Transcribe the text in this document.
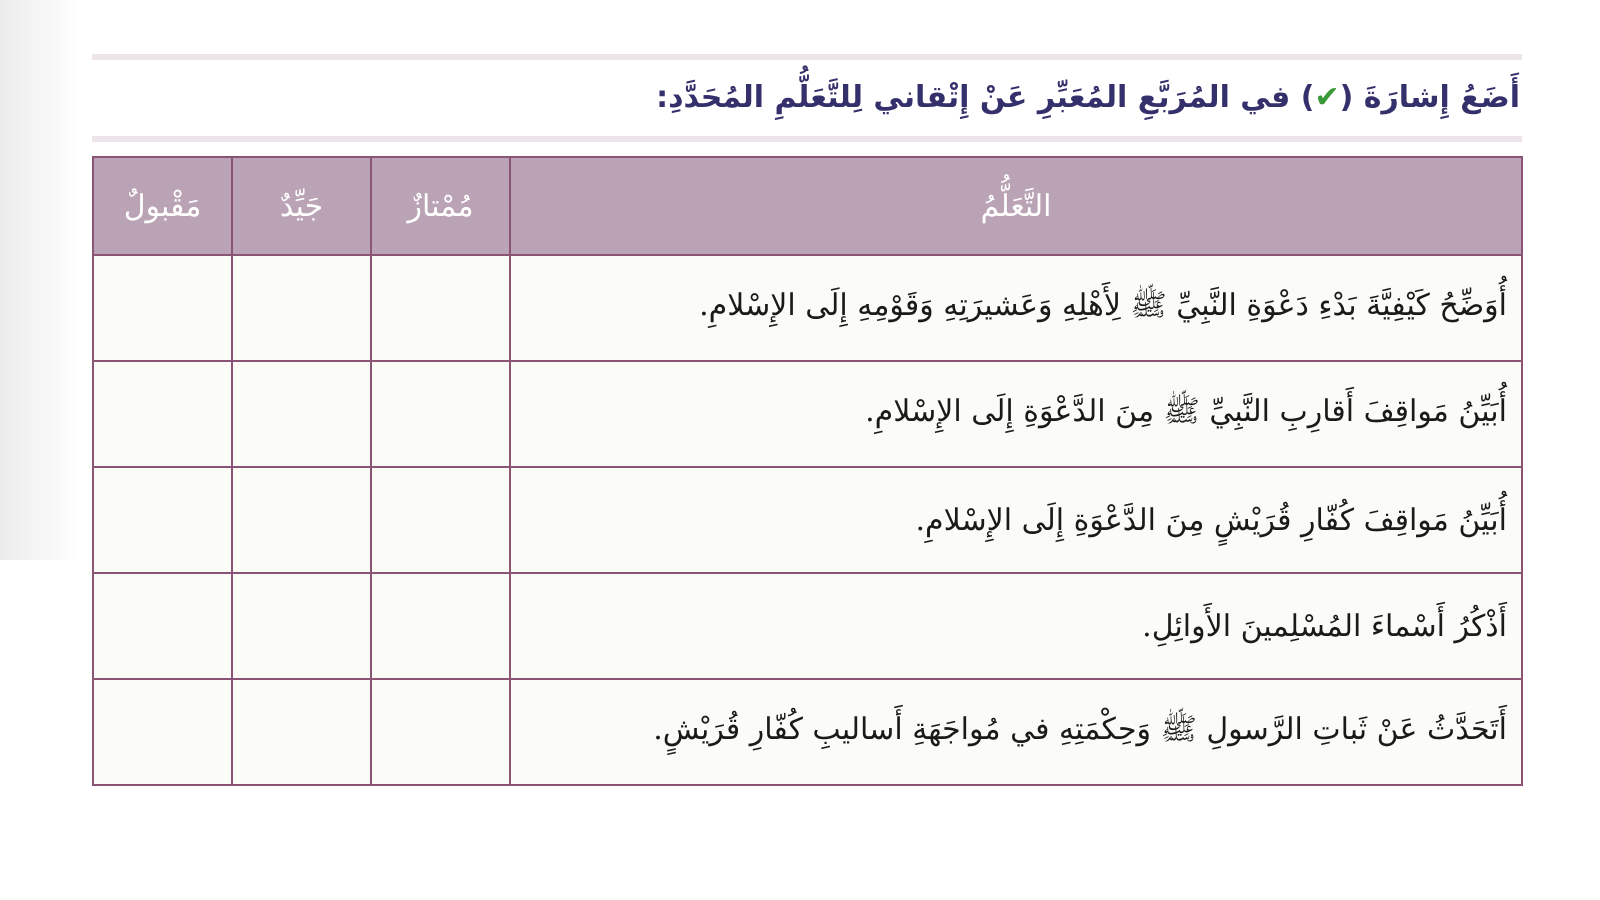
أَضَعُ إِشارَةَ (✔) في المُرَبَّعِ المُعَبِّرِ عَنْ إِتْقاني لِلتَّعَلُّمِ المُحَدَّدِ:
التَّعَلُّمُ	مُمْتازٌ	جَيِّدٌ	مَقْبولٌ
أُوَضِّحُ كَيْفِيَّةَ بَدْءِ دَعْوَةِ النَّبِيِّ ﷺ لِأَهْلِهِ وَعَشيرَتِهِ وَقَوْمِهِ إِلَى الإِسْلامِ.			
أُبَيِّنُ مَواقِفَ أَقارِبِ النَّبِيِّ ﷺ مِنَ الدَّعْوَةِ إِلَى الإِسْلامِ.			
أُبَيِّنُ مَواقِفَ كُفّارِ قُرَيْشٍ مِنَ الدَّعْوَةِ إِلَى الإِسْلامِ.			
أَذْكُرُ أَسْماءَ المُسْلِمينَ الأَوائِلِ.			
أَتَحَدَّثُ عَنْ ثَباتِ الرَّسولِ ﷺ وَحِكْمَتِهِ في مُواجَهَةِ أَساليبِ كُفّارِ قُرَيْشٍ.			
